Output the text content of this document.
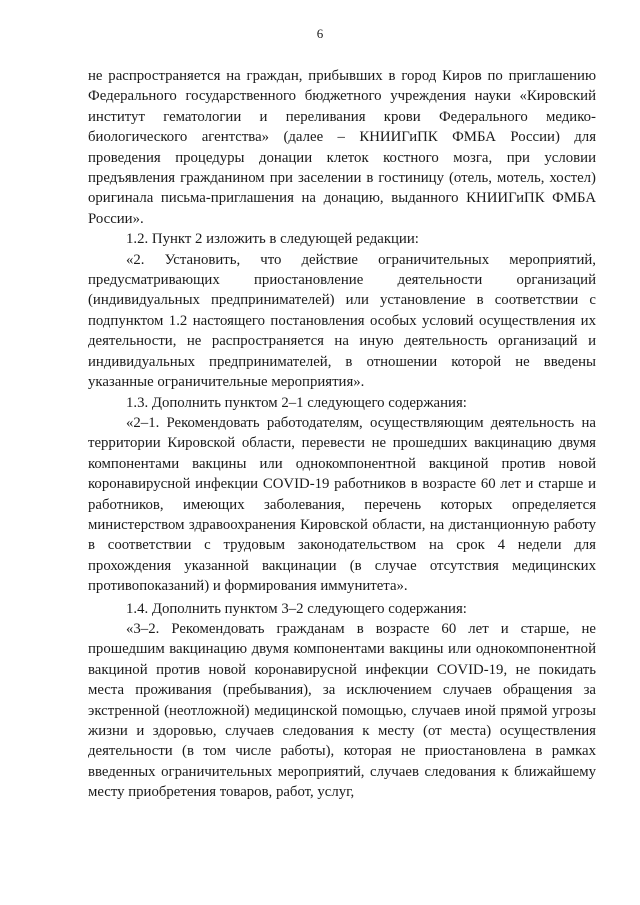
6

не распространяется на граждан, прибывших в город Киров по приглашению Федерального государственного бюджетного учреждения науки «Кировский институт гематологии и переливания крови Федерального медико-биологического агентства» (далее – КНИИГиПК ФМБА России) для проведения процедуры донации клеток костного мозга, при условии предъявления гражданином при заселении в гостиницу (отель, мотель, хостел) оригинала письма-приглашения на донацию, выданного КНИИГиПК ФМБА России».

1.2. Пункт 2 изложить в следующей редакции:

«2. Установить, что действие ограничительных мероприятий, предусматривающих приостановление деятельности организаций (индивидуальных предпринимателей) или установление в соответствии с подпунктом 1.2 настоящего постановления особых условий осуществления их деятельности, не распространяется на иную деятельность организаций и индивидуальных предпринимателей, в отношении которой не введены указанные ограничительные мероприятия».

1.3. Дополнить пунктом 2–1 следующего содержания:

«2–1. Рекомендовать работодателям, осуществляющим деятельность на территории Кировской области, перевести не прошедших вакцинацию двумя компонентами вакцины или однокомпонентной вакциной против новой коронавирусной инфекции COVID-19 работников в возрасте 60 лет и старше и работников, имеющих заболевания, перечень которых определяется министерством здравоохранения Кировской области, на дистанционную работу в соответствии с трудовым законодательством на срок 4 недели для прохождения указанной вакцинации (в случае отсутствия медицинских противопоказаний) и формирования иммунитета».

1.4. Дополнить пунктом 3–2 следующего содержания:

«3–2. Рекомендовать гражданам в возрасте 60 лет и старше, не прошедшим вакцинацию двумя компонентами вакцины или однокомпонентной вакциной против новой коронавирусной инфекции COVID-19, не покидать места проживания (пребывания), за исключением случаев обращения за экстренной (неотложной) медицинской помощью, случаев иной прямой угрозы жизни и здоровью, случаев следования к месту (от места) осуществления деятельности (в том числе работы), которая не приостановлена в рамках введенных ограничительных мероприятий, случаев следования к ближайшему месту приобретения товаров, работ, услуг,
